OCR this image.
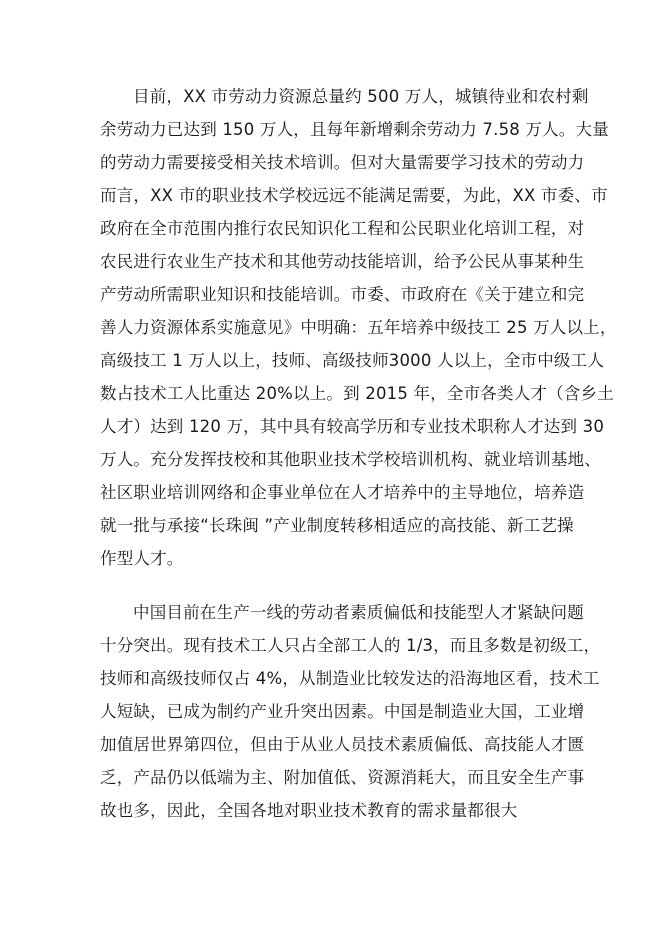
目前，XX 市劳动力资源总量约 500 万人，城镇待业和农村剩
余劳动力已达到 150 万人，且每年新增剩余劳动力 7.58 万人。大量
的劳动力需要接受相关技术培训。但对大量需要学习技术的劳动力
而言，XX 市的职业技术学校远远不能满足需要，为此，XX 市委、市
政府在全市范围内推行农民知识化工程和公民职业化培训工程，对
农民进行农业生产技术和其他劳动技能培训，给予公民从事某种生
产劳动所需职业知识和技能培训。市委、市政府在《关于建立和完
善人力资源体系实施意见》中明确：五年培养中级技工 25 万人以上，
高级技工 1 万人以上，技师、高级技师3000 人以上，全市中级工人
数占技术工人比重达 20%以上。到 2015 年，全市各类人才（含乡土
人才）达到 120 万，其中具有较高学历和专业技术职称人才达到 30
万人。充分发挥技校和其他职业技术学校培训机构、就业培训基地、
社区职业培训网络和企事业单位在人才培养中的主导地位，培养造
就一批与承接“长珠闽 ”产业制度转移相适应的高技能、新工艺操
作型人才。
中国目前在生产一线的劳动者素质偏低和技能型人才紧缺问题
十分突出。现有技术工人只占全部工人的 1/3，而且多数是初级工，
技师和高级技师仅占 4%，从制造业比较发达的沿海地区看，技术工
人短缺，已成为制约产业升突出因素。中国是制造业大国，工业增
加值居世界第四位，但由于从业人员技术素质偏低、高技能人才匮
乏，产品仍以低端为主、附加值低、资源消耗大，而且安全生产事
故也多，因此，全国各地对职业技术教育的需求量都很大
